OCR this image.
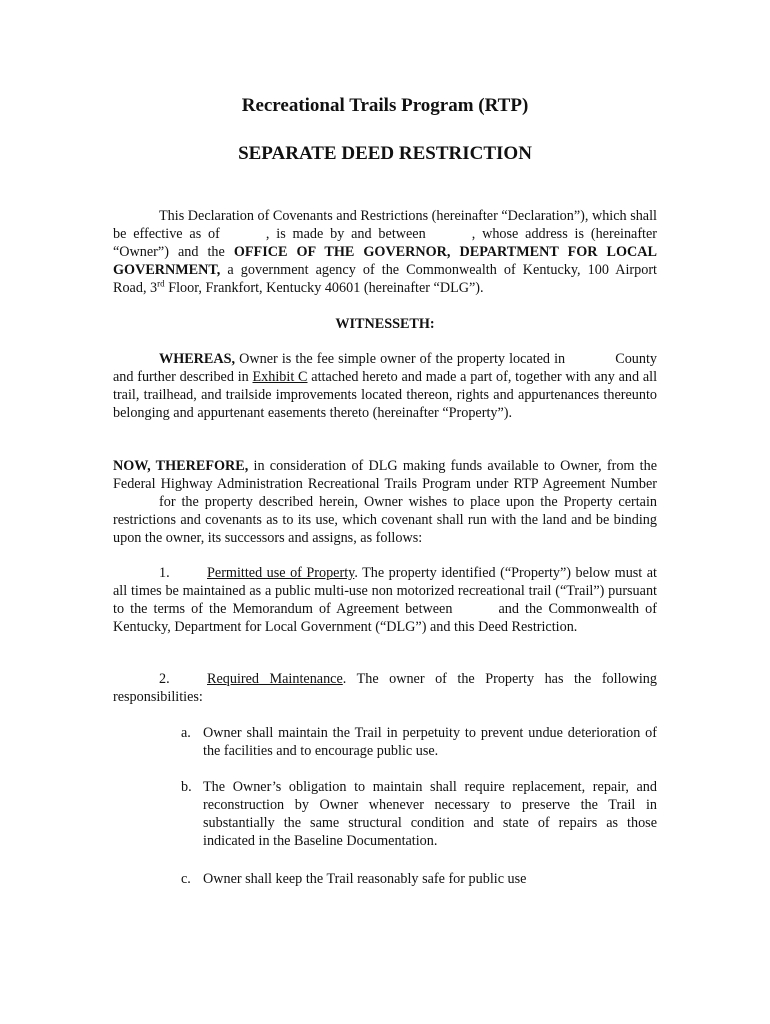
Recreational Trails Program (RTP)
SEPARATE DEED RESTRICTION

This Declaration of Covenants and Restrictions (hereinafter “Declaration”), which shall be effective as of	, is made by and between	, whose address is (hereinafter “Owner”) and the OFFICE OF THE GOVERNOR, DEPARTMENT FOR LOCAL GOVERNMENT, a government agency of the Commonwealth of Kentucky, 100 Airport Road, 3rd Floor, Frankfort, Kentucky 40601 (hereinafter “DLG”).

WITNESSETH:

WHEREAS, Owner is the fee simple owner of the property located in	County and further described in Exhibit C attached hereto and made a part of, together with any and all trail, trailhead, and trailside improvements located thereon, rights and appurtenances thereunto belonging and appurtenant easements thereto (hereinafter “Property”).

NOW, THEREFORE, in consideration of DLG making funds available to Owner, from the Federal Highway Administration Recreational Trails Program under RTP Agreement Numberfor the property described herein, Owner wishes to place upon the Property certain restrictions and covenants as to its use, which covenant shall run with the land and be binding upon the owner, its successors and assigns, as follows:

1.	Permitted use of Property. The property identified (“Property”) below must at all times be maintained as a public multi-use non motorized recreational trail (“Trail”) pursuant to the terms of the Memorandum of Agreement between	and the Commonwealth of Kentucky, Department for Local Government (“DLG”) and this Deed Restriction.

2.	Required Maintenance. The owner of the Property has the following responsibilities:

a. Owner shall maintain the Trail in perpetuity to prevent undue deterioration of the facilities and to encourage public use.
b. The Owner’s obligation to maintain shall require replacement, repair, and reconstruction by Owner whenever necessary to preserve the Trail in substantially the same structural condition and state of repairs as those indicated in the Baseline Documentation.
c. Owner shall keep the Trail reasonably safe for public use
